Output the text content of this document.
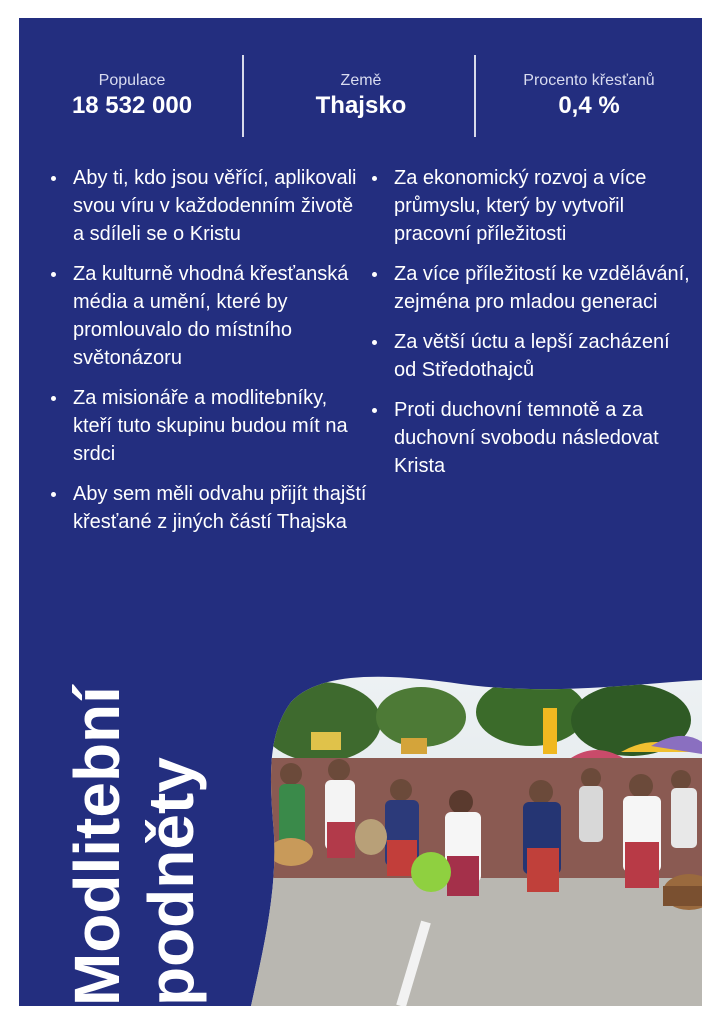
Populace
18 532 000
Země
Thajsko
Procento křesťanů
0,4 %
Aby ti, kdo jsou věřící, aplikovali svou víru v každodenním životě a sdíleli se o Kristu
Za kulturně vhodná křesťanská média a umění, které by promlouvalo do místního světonázoru
Za misionáře a modlitebníky, kteří tuto skupinu budou mít na srdci
Aby sem měli odvahu přijít thajští křesťané z jiných částí Thajska
Za ekonomický rozvoj a více průmyslu, který by vytvořil pracovní příležitosti
Za více příležitostí ke vzdělávání, zejména pro mladou generaci
Za větší úctu a lepší zacházení od Středothajců
Proti duchovní temnotě a za duchovní svobodu následovat Krista
Modlitební podněty
